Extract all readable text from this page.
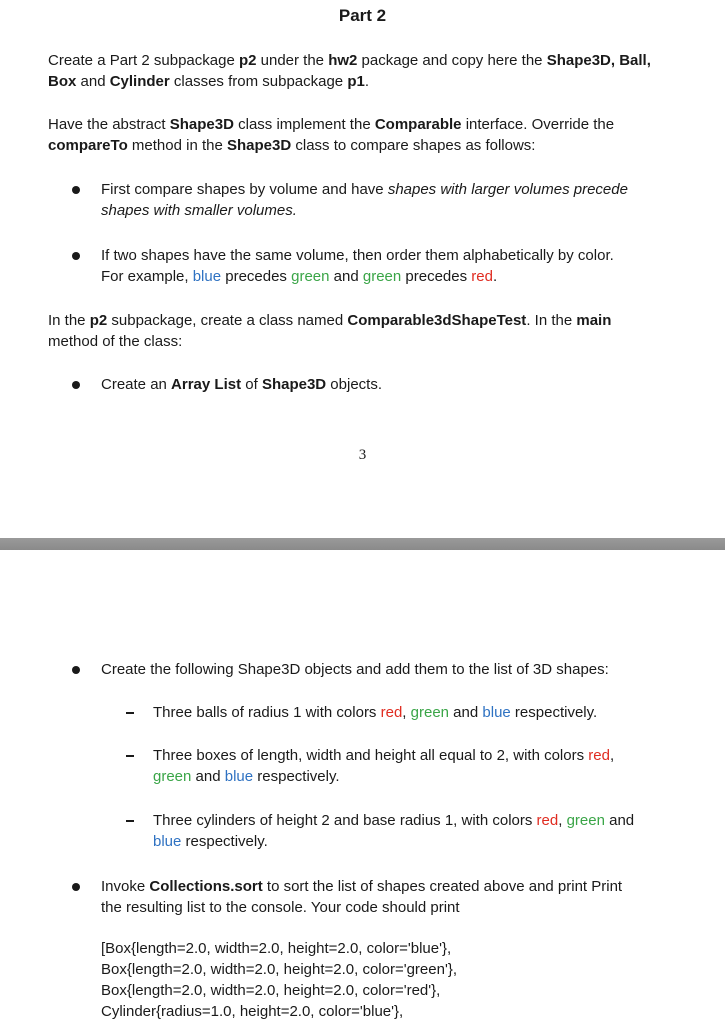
Part 2
Create a Part 2 subpackage p2 under the hw2 package and copy here the Shape3D, Ball,
Box and Cylinder classes from subpackage p1.
Have the abstract Shape3D class implement the Comparable interface. Override the
compareTo method in the Shape3D class to compare shapes as follows:
First compare shapes by volume and have shapes with larger volumes precede
shapes with smaller volumes.
If two shapes have the same volume, then order them alphabetically by color.
For example, blue precedes green and green precedes red.
In the p2 subpackage, create a class named Comparable3dShapeTest. In the main
method of the class:
Create an Array List of Shape3D objects.
3
Create the following Shape3D objects and add them to the list of 3D shapes:
Three balls of radius 1 with colors red, green and blue respectively.
Three boxes of length, width and height all equal to 2, with colors red,
green and blue respectively.
Three cylinders of height 2 and base radius 1, with colors red, green and
blue respectively.
Invoke Collections.sort to sort the list of shapes created above and print Print
the resulting list to the console. Your code should print
[Box{length=2.0, width=2.0, height=2.0, color='blue'},
Box{length=2.0, width=2.0, height=2.0, color='green'},
Box{length=2.0, width=2.0, height=2.0, color='red'},
Cylinder{radius=1.0, height=2.0, color='blue'},
